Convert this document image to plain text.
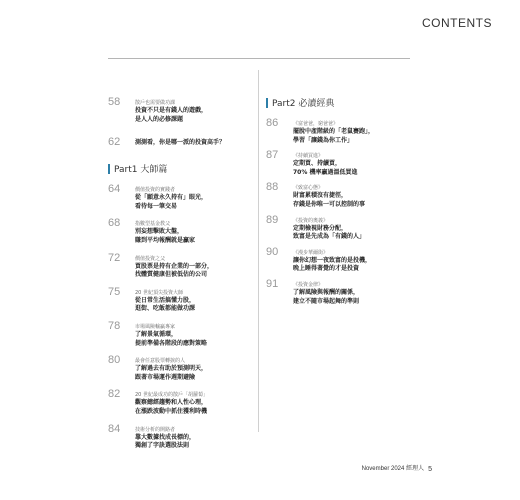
CONTENTS
58	散戶也需要做功課
投資不只是有錢人的遊戲，
是人人的必修課題
62	測測看，你是哪一派的投資高手？
Part1 大師篇
64	價值投資的實踐者
從「願意永久持有」眼光，
看待每一筆交易
68	指數型基金教父
別妄想擊敗大盤，
賺到平均報酬就是贏家
72	價值投資之父
買股票是持有企業的一部分，
找體質健康但被低估的公司
75	20 世紀頂尖投資大師
從日常生活搞懂力股，
逛街、吃飯都能做功課
78	市場風險輸贏專家
了解景氣循環，
提前準備各階段的應對策略
80	最會任意股票轉捩的人
了解過去有助於預測明天，
跟著市場運作週期避險
82	20 世紀最成功的散戶「胡蘿蔔」
觀察總經趨勢和人性心理，
在漲跌波動中抓住獲利時機
84	技術分析的開路者
靠大數據找成長標的，
獨創了字訣選股法則
Part2 必讀經典
86	《富爸爸，窮爸爸》
擺脫中產階級的「老鼠賽跑」，
學習「讓錢為你工作」
87	《持續買進》
定期買、持續買，
70% 機率贏過溫低買進
88	《致富心態》
財富累積沒有捷徑，
存錢是你唯一可以控制的事
89	《投資的奧義》
定期檢視財務分配，
致富是先成為「有錢的人」
90	《漫步華爾街》
讓你幻想一夜致富的是投機，
晚上睡得著覺的才是投資
91	《投資金律》
了解風險與報酬的關係，
建立不隨市場起舞的準則
November 2024 經理人 5
